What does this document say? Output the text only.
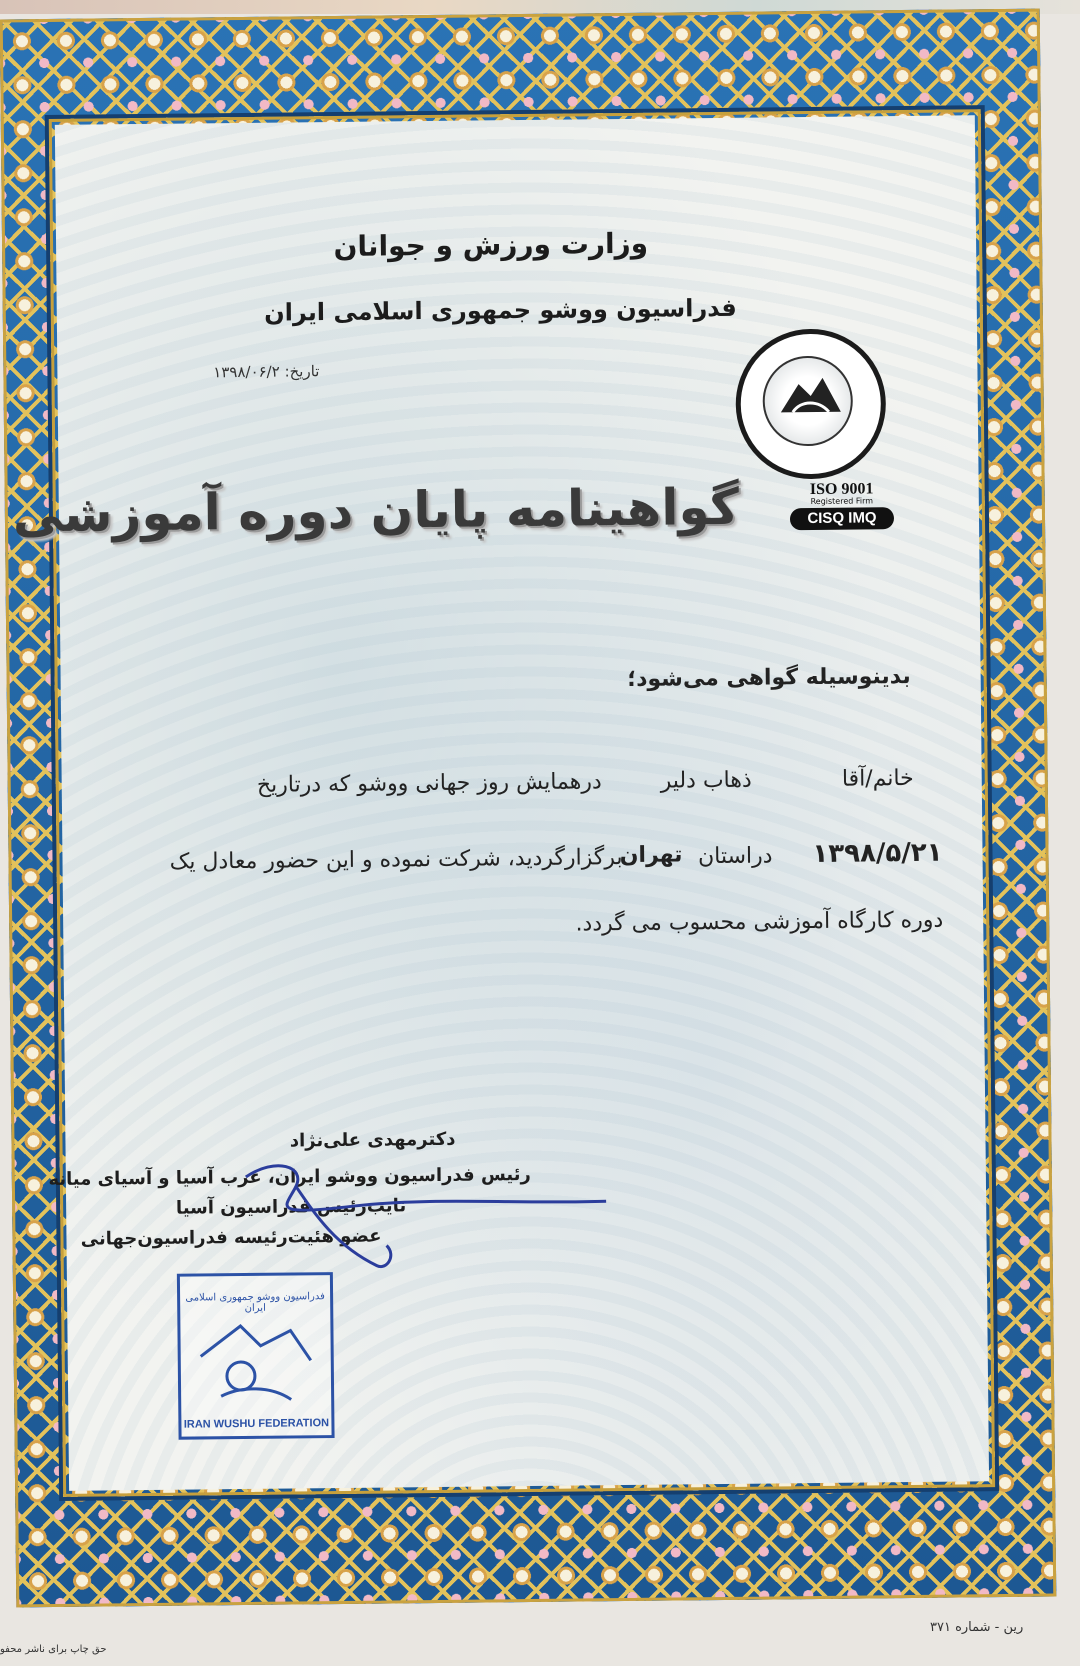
وزارت ورزش و جوانان
فدراسیون ووشو جمهوری اسلامی ایران
تاریخ: ۱۳۹۸/۰۶/۲
ISO 9001
Registered Firm
CISQ IMQ
گواهینامه پایان دوره آموزشی
بدینوسیله گواهی می‌شود؛
خانم/آقا
ذهاب دلیر
درهمایش روز جهانی ووشو که درتاریخ
۱۳۹۸/۵/۲۱
دراستان
تهران
برگزارگردید، شرکت نموده و این حضور معادل یک
دوره کارگاه آموزشی محسوب می گردد.
دکترمهدی علی‌نژاد
رئیس فدراسیون ووشو ایران، غرب آسیا و آسیای میانه
نایب‌رئیس فدراسیون آسیا
عضو هئیت‌رئیسه فدراسیون‌جهانی
فدراسیون ووشو جمهوری اسلامی ایران
IRAN WUSHU FEDERATION
رین - شماره ۳۷۱
حق چاپ برای ناشر محفو
